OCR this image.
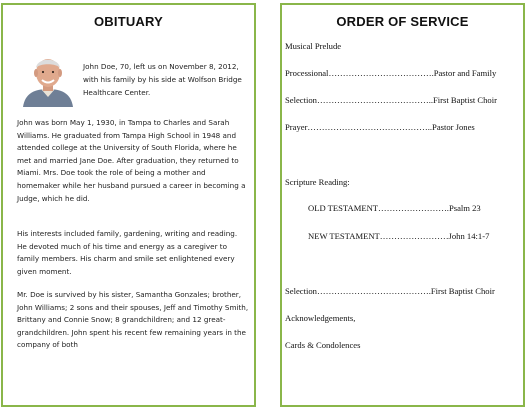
OBITUARY
John Doe, 70, left us on November 8, 2012, with his family by his side at Wolfson Bridge Healthcare Center.

John was born May 1, 1930, in Tampa to Charles and Sarah Williams. He graduated from Tampa High School in 1948 and attended college at the University of South Florida, where he met and married Jane Doe. After graduation, they returned to Miami. Mrs. Doe took the role of being a mother and homemaker while her husband pursued a career in becoming a Judge, which he did.

His interests included family, gardening, writing and reading. He devoted much of his time and energy as a caregiver to family members. His charm and smile set enlightened every given moment.

Mr. Doe is survived by his sister, Samantha Gonzales; brother, John Williams; 2 sons and their spouses, Jeff and Timothy Smith, Brittany and Connie Snow; 8 grandchildren; and 12 great-grandchildren. John spent his recent few remaining years in the company of both

ORDER OF SERVICE
Musical Prelude
Processional……………………………….Pastor and Family
Selection…………………………………..First Baptist Choir
Prayer……………………………………..Pastor Jones
Scripture Reading:
OLD TESTAMENT…………………….Psalm 23
NEW TESTAMENT……………………John 14:1-7
Selection………………………………….First Baptist Choir
Acknowledgements,
Cards & Condolences
